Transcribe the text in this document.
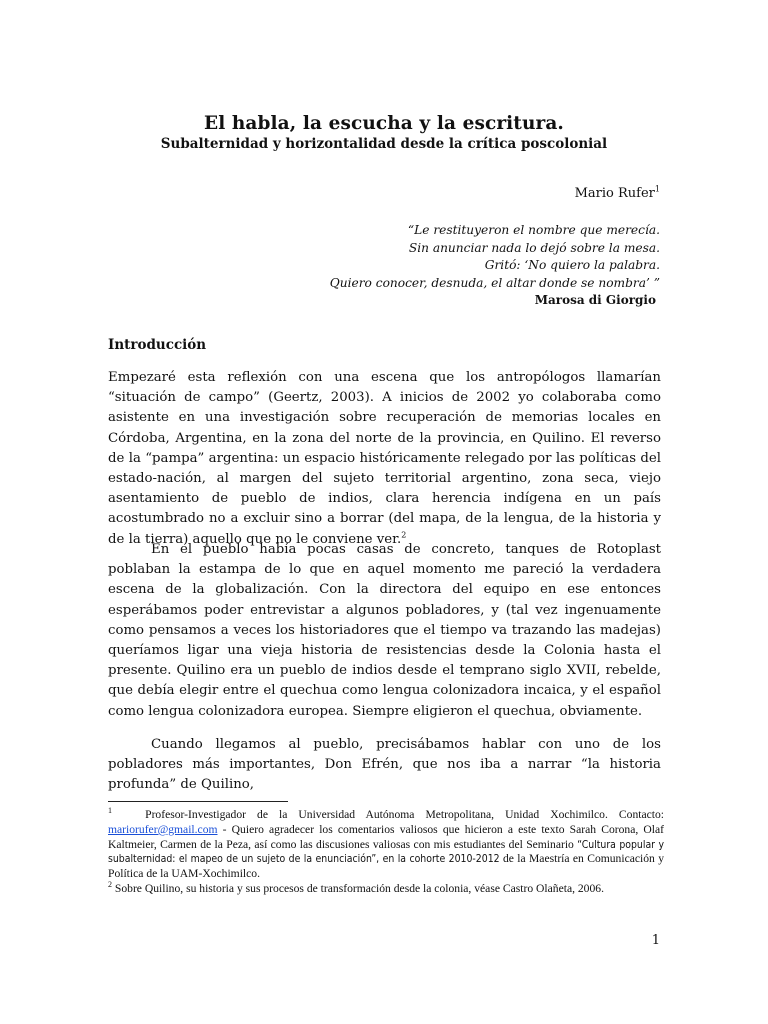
El habla, la escucha y la escritura.
Subalternidad y horizontalidad desde la crítica poscolonial
Mario Rufer$^1$
“Le restituyeron el nombre que merecía.
Sin anunciar nada lo dejó sobre la mesa.
Gritó: ‘No quiero la palabra.
Quiero conocer, desnuda, el altar donde se nombra’ ”
Marosa di Giorgio
Introducción

Empezaré esta reflexión con una escena que los antropólogos llamarían “situación de campo” (Geertz, 2003). A inicios de 2002 yo colaboraba como asistente en una investigación sobre recuperación de memorias locales en Córdoba, Argentina, en la zona del norte de la provincia, en Quilino. El reverso de la “pampa” argentina: un espacio históricamente relegado por las políticas del estado-nación, al margen del sujeto territorial argentino, zona seca, viejo asentamiento de pueblo de indios, clara herencia indígena en un país acostumbrado no a excluir sino a borrar (del mapa, de la lengua, de la historia y de la tierra) aquello que no le conviene ver.$^2$

En el pueblo había pocas casas de concreto, tanques de Rotoplast poblaban la estampa de lo que en aquel momento me pareció la verdadera escena de la globalización. Con la directora del equipo en ese entonces esperábamos poder entrevistar a algunos pobladores, y (tal vez ingenuamente como pensamos a veces los historiadores que el tiempo va trazando las madejas) queríamos ligar una vieja historia de resistencias desde la Colonia hasta el presente. Quilino era un pueblo de indios desde el temprano siglo XVII, rebelde, que debía elegir entre el quechua como lengua colonizadora incaica, y el español como lengua colonizadora europea. Siempre eligieron el quechua, obviamente.

Cuando llegamos al pueblo, precisábamos hablar con uno de los pobladores más importantes, Don Efrén, que nos iba a narrar “la historia profunda” de Quilino,

$^1$	Profesor-Investigador de la Universidad Autónoma Metropolitana, Unidad Xochimilco. Contacto: mariorufer@gmail.com - Quiero agradecer los comentarios valiosos que hicieron a este texto Sarah Corona, Olaf Kaltmeier, Carmen de la Peza, así como las discusiones valiosas con mis estudiantes del Seminario “Cultura popular y subalternidad: el mapeo de un sujeto de la enunciación”, en la cohorte 2010-2012 de la Maestría en Comunicación y Política de la UAM-Xochimilco.

$^2$ Sobre Quilino, su historia y sus procesos de transformación desde la colonia, véase Castro Olañeta, 2006.

1
